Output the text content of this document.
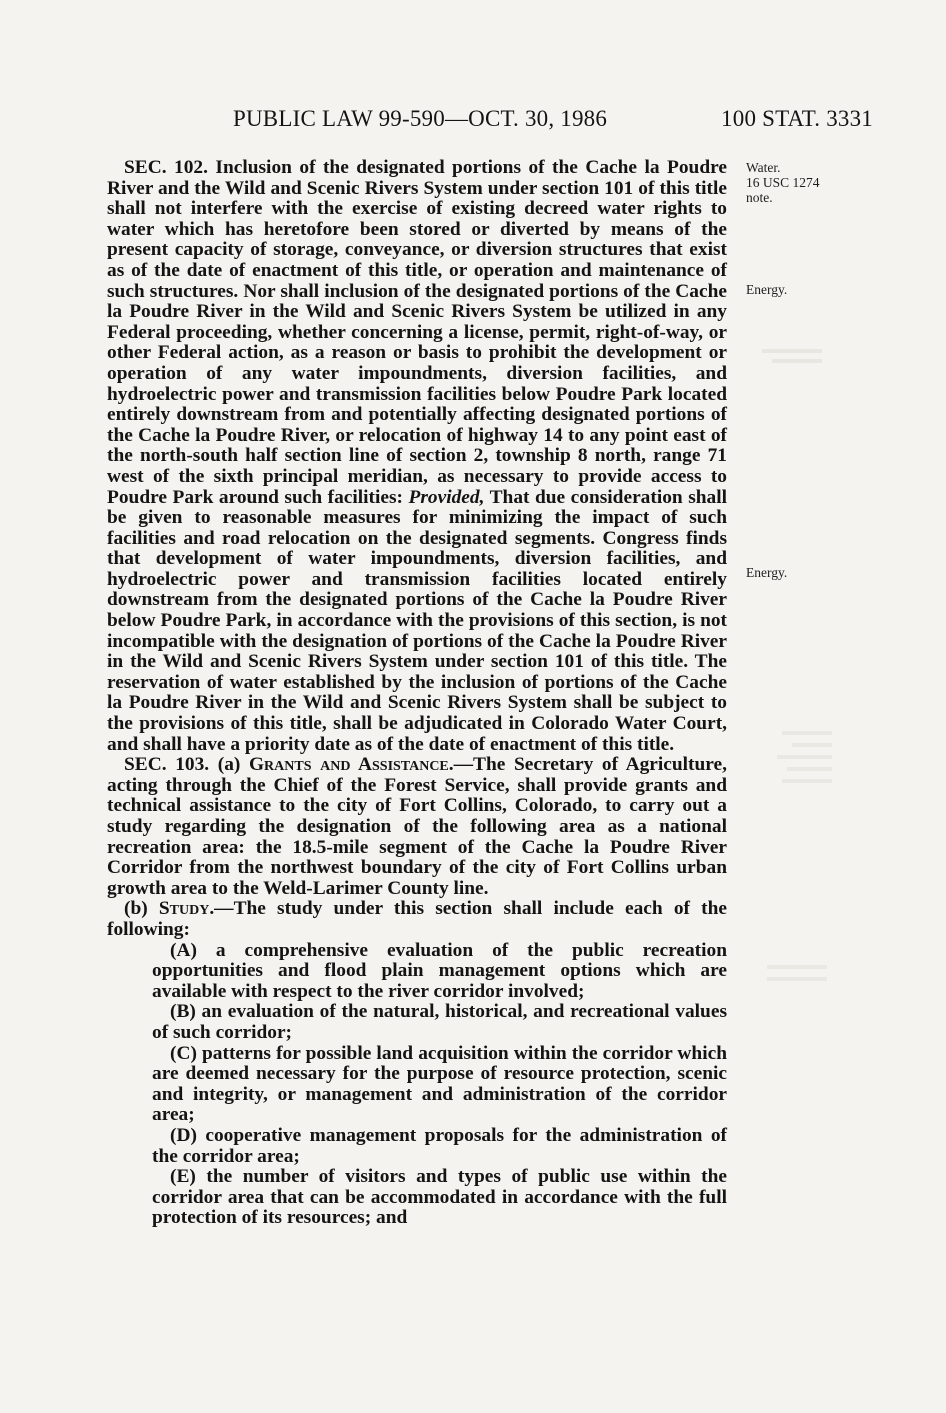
PUBLIC LAW 99-590—OCT. 30, 1986	100 STAT. 3331
Water.
16 USC 1274
note.
Energy.
Energy.

SEC. 102. Inclusion of the designated portions of the Cache la Poudre River and the Wild and Scenic Rivers System under section 101 of this title shall not interfere with the exercise of existing decreed water rights to water which has heretofore been stored or diverted by means of the present capacity of storage, conveyance, or diversion structures that exist as of the date of enactment of this title, or operation and maintenance of such structures. Nor shall inclusion of the designated portions of the Cache la Poudre River in the Wild and Scenic Rivers System be utilized in any Federal proceeding, whether concerning a license, permit, right-of-way, or other Federal action, as a reason or basis to prohibit the development or operation of any water impoundments, diversion facilities, and hydroelectric power and transmission facilities below Poudre Park located entirely downstream from and potentially affecting designated portions of the Cache la Poudre River, or relocation of highway 14 to any point east of the north-south half section line of section 2, township 8 north, range 71 west of the sixth principal meridian, as necessary to provide access to Poudre Park around such facilities: Provided, That due consideration shall be given to reasonable measures for minimizing the impact of such facilities and road relocation on the designated segments. Congress finds that development of water impoundments, diversion facilities, and hydroelectric power and transmission facilities located entirely downstream from the designated portions of the Cache la Poudre River below Poudre Park, in accordance with the provisions of this section, is not incompatible with the designation of portions of the Cache la Poudre River in the Wild and Scenic Rivers System under section 101 of this title. The reservation of water established by the inclusion of portions of the Cache la Poudre River in the Wild and Scenic Rivers System shall be subject to the provisions of this title, shall be adjudicated in Colorado Water Court, and shall have a priority date as of the date of enactment of this title.

SEC. 103. (a) Grants and Assistance.—The Secretary of Agriculture, acting through the Chief of the Forest Service, shall provide grants and technical assistance to the city of Fort Collins, Colorado, to carry out a study regarding the designation of the following area as a national recreation area: the 18.5-mile segment of the Cache la Poudre River Corridor from the northwest boundary of the city of Fort Collins urban growth area to the Weld-Larimer County line.

(b) Study.—The study under this section shall include each of the following:

(A) a comprehensive evaluation of the public recreation opportunities and flood plain management options which are available with respect to the river corridor involved;

(B) an evaluation of the natural, historical, and recreational values of such corridor;

(C) patterns for possible land acquisition within the corridor which are deemed necessary for the purpose of resource protection, scenic and integrity, or management and administration of the corridor area;

(D) cooperative management proposals for the administration of the corridor area;

(E) the number of visitors and types of public use within the corridor area that can be accommodated in accordance with the full protection of its resources; and
